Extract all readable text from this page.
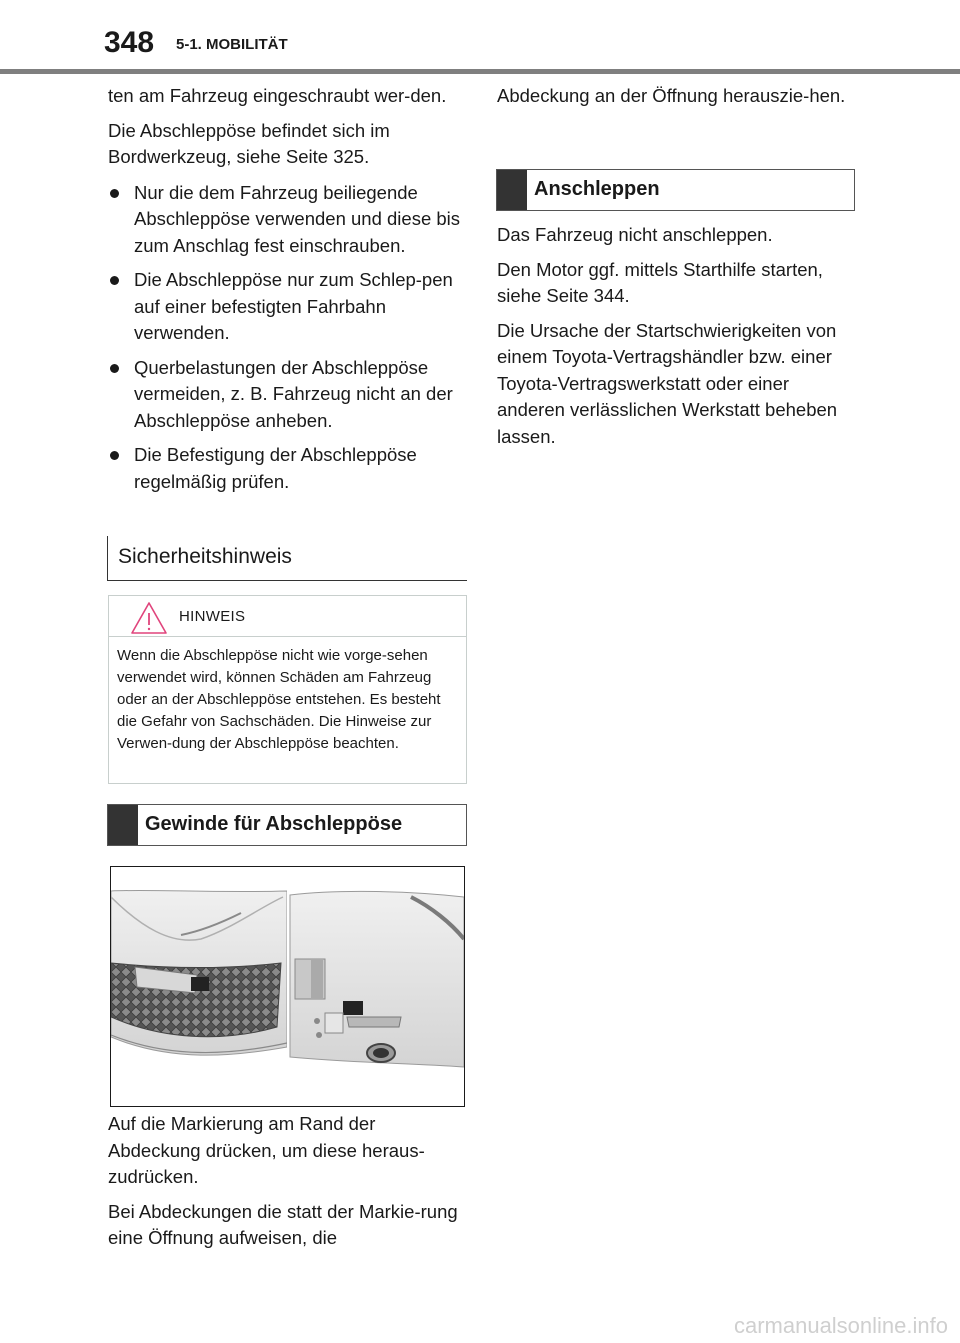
348 5-1. MOBILITÄT

ten am Fahrzeug eingeschraubt wer-den.

Die Abschleppöse befindet sich im Bordwerkzeug, siehe Seite 325.

Nur die dem Fahrzeug beiliegende Abschleppöse verwenden und diese bis zum Anschlag fest einschrauben.
Die Abschleppöse nur zum Schlep-pen auf einer befestigten Fahrbahn verwenden.
Querbelastungen der Abschleppöse vermeiden, z. B. Fahrzeug nicht an der Abschleppöse anheben.
Die Befestigung der Abschleppöse regelmäßig prüfen.
Sicherheitshinweis
HINWEIS
Wenn die Abschleppöse nicht wie vorge-sehen verwendet wird, können Schäden am Fahrzeug oder an der Abschleppöse entstehen. Es besteht die Gefahr von Sachschäden. Die Hinweise zur Verwen-dung der Abschleppöse beachten.
Gewinde für Abschleppöse

Auf die Markierung am Rand der Abdeckung drücken, um diese heraus-zudrücken.

Bei Abdeckungen die statt der Markie-rung eine Öffnung aufweisen, die

Abdeckung an der Öffnung herauszie-hen.

Anschleppen

Das Fahrzeug nicht anschleppen.

Den Motor ggf. mittels Starthilfe starten, siehe Seite 344.

Die Ursache der Startschwierigkeiten von einem Toyota-Vertragshändler bzw. einer Toyota-Vertragswerkstatt oder einer anderen verlässlichen Werkstatt beheben lassen.

carmanualsonline.info
